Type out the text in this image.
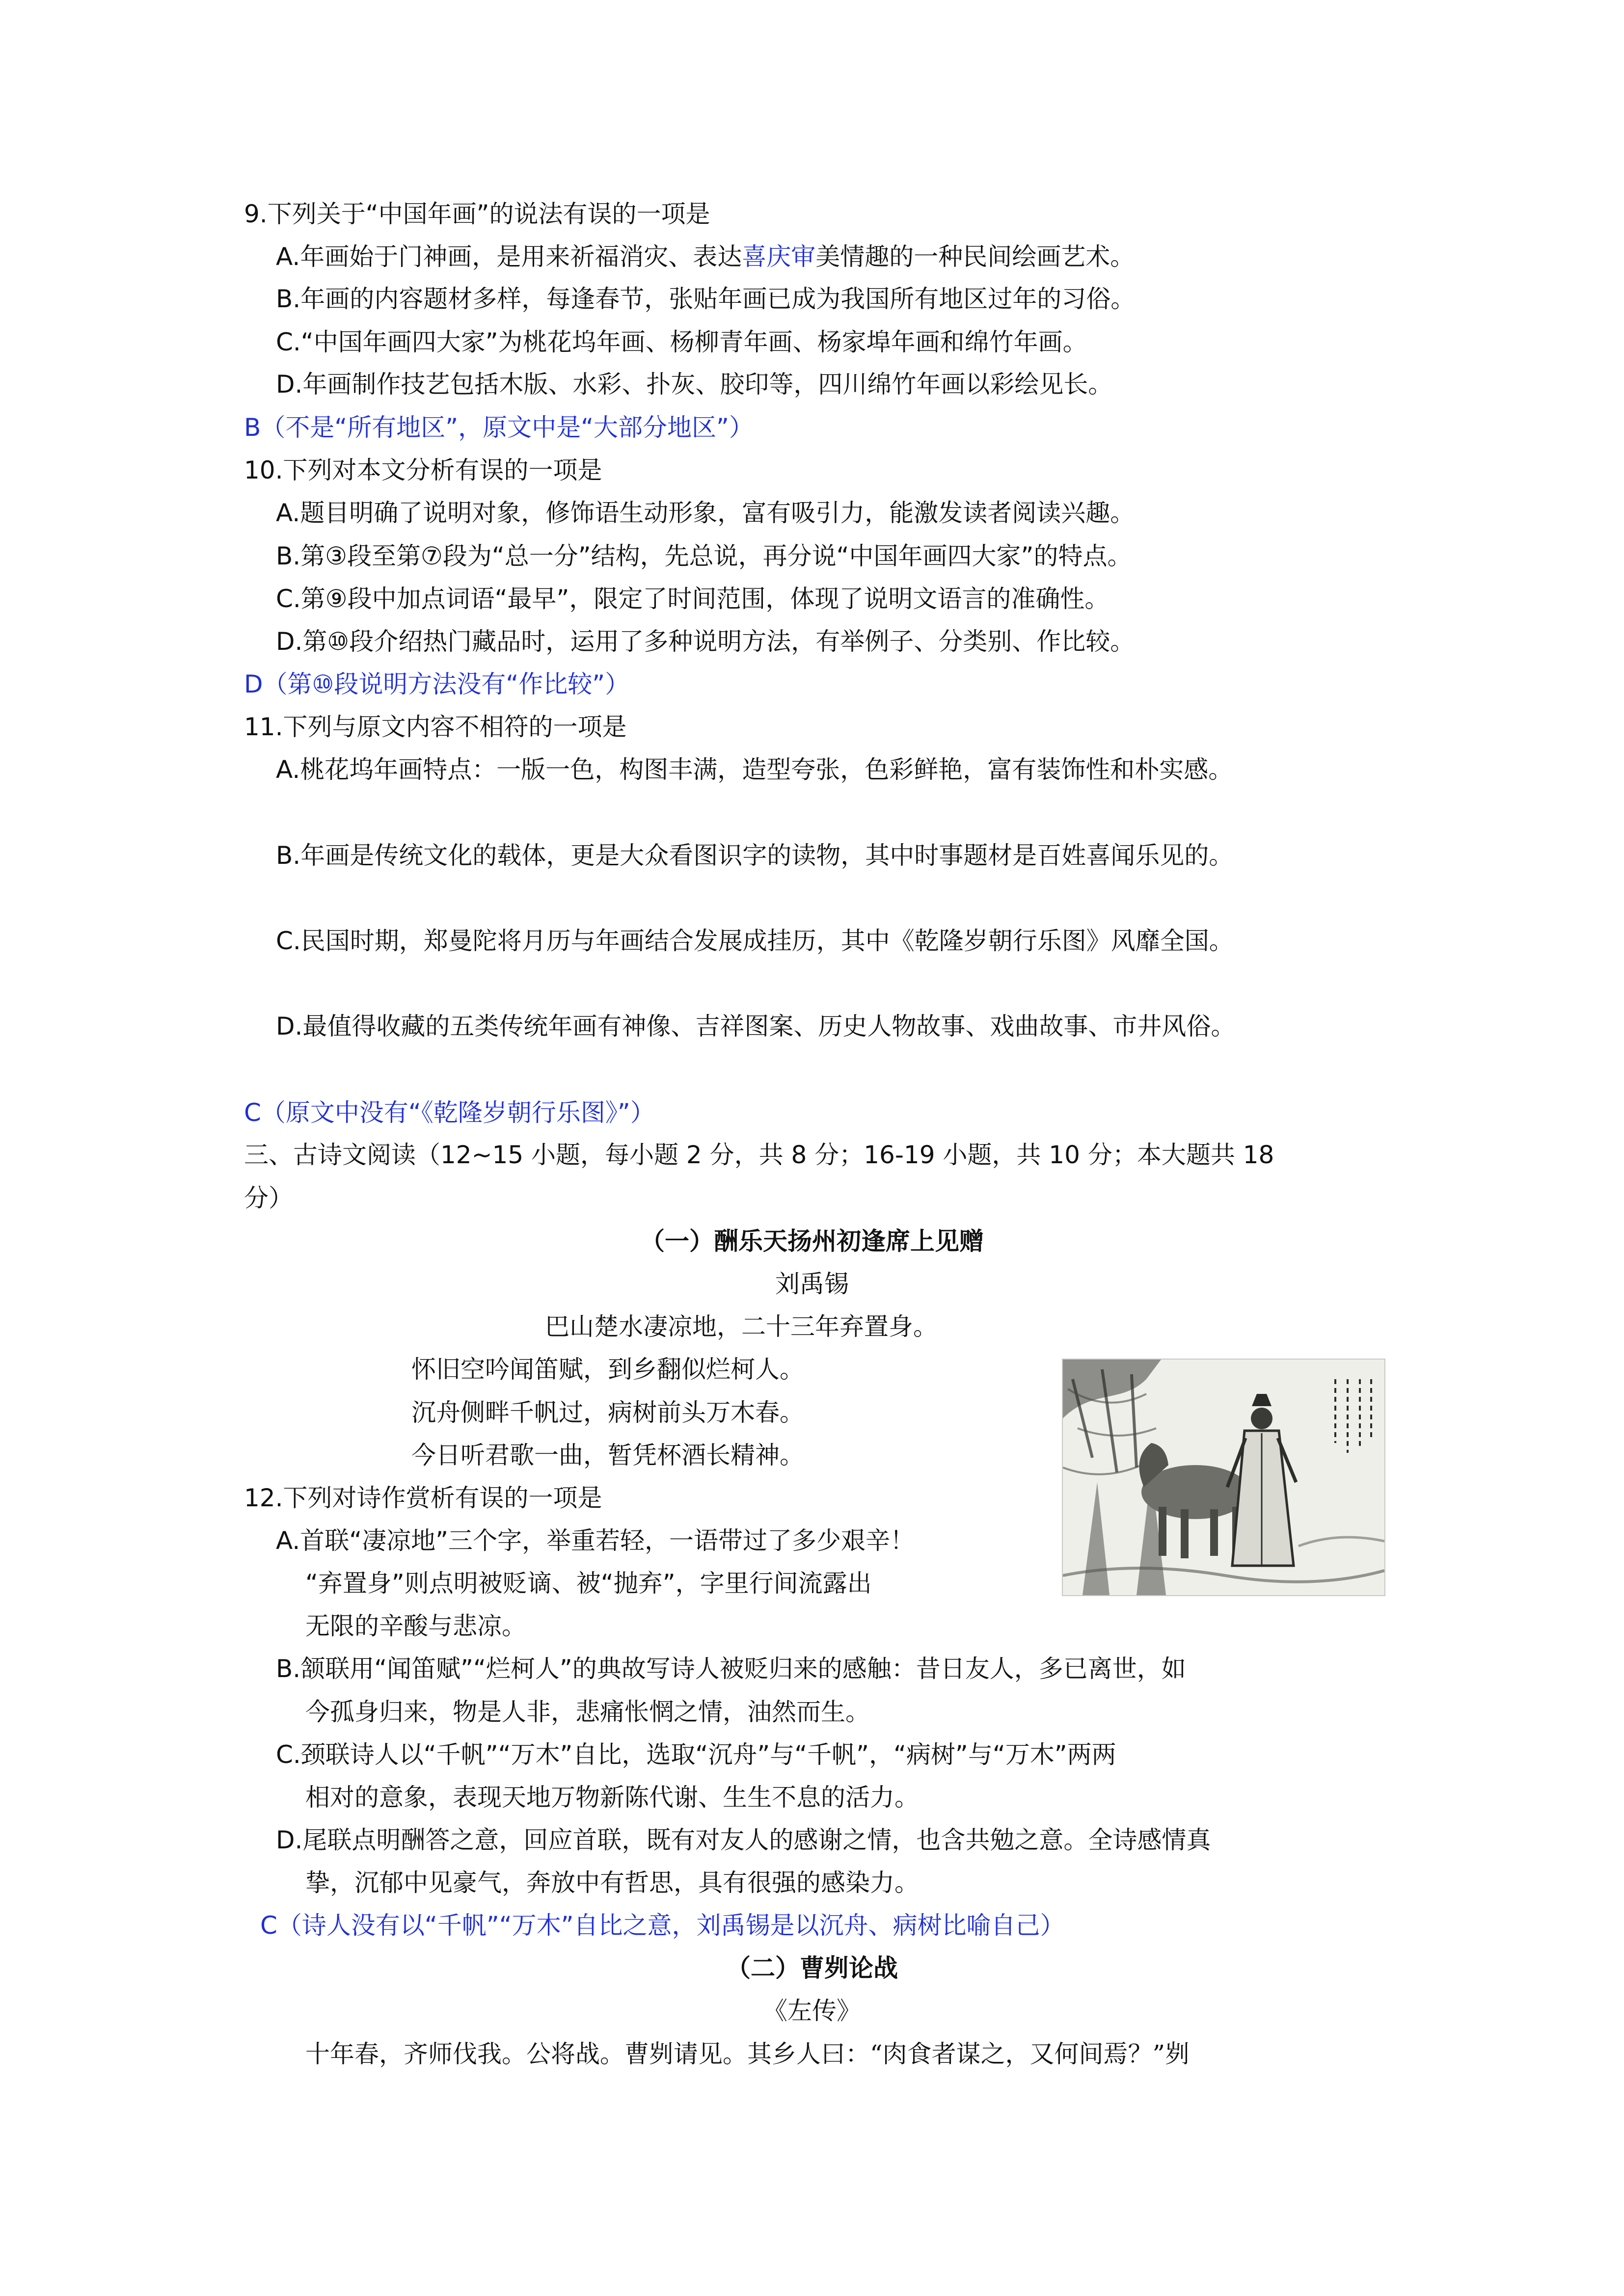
9.下列关于“中国年画”的说法有误的一项是
A.年画始于门神画，是用来祈福消灾、表达喜庆审美情趣的一种民间绘画艺术。
B.年画的内容题材多样，每逢春节，张贴年画已成为我国所有地区过年的习俗。
C.“中国年画四大家”为桃花坞年画、杨柳青年画、杨家埠年画和绵竹年画。
D.年画制作技艺包括木版、水彩、扑灰、胶印等，四川绵竹年画以彩绘见长。
B（不是“所有地区”，原文中是“大部分地区”）
10.下列对本文分析有误的一项是
A.题目明确了说明对象，修饰语生动形象，富有吸引力，能激发读者阅读兴趣。
B.第③段至第⑦段为“总一分”结构，先总说，再分说“中国年画四大家”的特点。
C.第⑨段中加点词语“最早”，限定了时间范围，体现了说明文语言的准确性。
D.第⑩段介绍热门藏品时，运用了多种说明方法，有举例子、分类别、作比较。
D（第⑩段说明方法没有“作比较”）
11.下列与原文内容不相符的一项是
A.桃花坞年画特点：一版一色，构图丰满，造型夸张，色彩鲜艳，富有装饰性和朴实感。
B.年画是传统文化的载体，更是大众看图识字的读物，其中时事题材是百姓喜闻乐见的。
C.民国时期，郑曼陀将月历与年画结合发展成挂历，其中《乾隆岁朝行乐图》风靡全国。
D.最值得收藏的五类传统年画有神像、吉祥图案、历史人物故事、戏曲故事、市井风俗。
C（原文中没有“《乾隆岁朝行乐图》”）
三、古诗文阅读（12~15 小题，每小题 2 分，共 8 分；16-19 小题，共 10 分；本大题共 18
分）
（一）酬乐天扬州初逢席上见赠
刘禹锡
巴山楚水凄凉地，二十三年弃置身。
怀旧空吟闻笛赋，到乡翻似烂柯人。
沉舟侧畔千帆过，病树前头万木春。
今日听君歌一曲，暂凭杯酒长精神。
12.下列对诗作赏析有误的一项是
A.首联“凄凉地”三个字，举重若轻，一语带过了多少艰辛！
“弃置身”则点明被贬谪、被“抛弃”，字里行间流露出
无限的辛酸与悲凉。
B.颔联用“闻笛赋”“烂柯人”的典故写诗人被贬归来的感触：昔日友人，多已离世，如
今孤身归来，物是人非，悲痛怅惘之情，油然而生。
C.颈联诗人以“千帆”“万木”自比，选取“沉舟”与“千帆”，“病树”与“万木”两两
相对的意象，表现天地万物新陈代谢、生生不息的活力。
D.尾联点明酬答之意，回应首联，既有对友人的感谢之情，也含共勉之意。全诗感情真
挚，沉郁中见豪气，奔放中有哲思，具有很强的感染力。
C（诗人没有以“千帆”“万木”自比之意，刘禹锡是以沉舟、病树比喻自己）
（二）曹刿论战
《左传》
十年春，齐师伐我。公将战。曹刿请见。其乡人曰：“肉食者谋之，又何间焉？”刿
